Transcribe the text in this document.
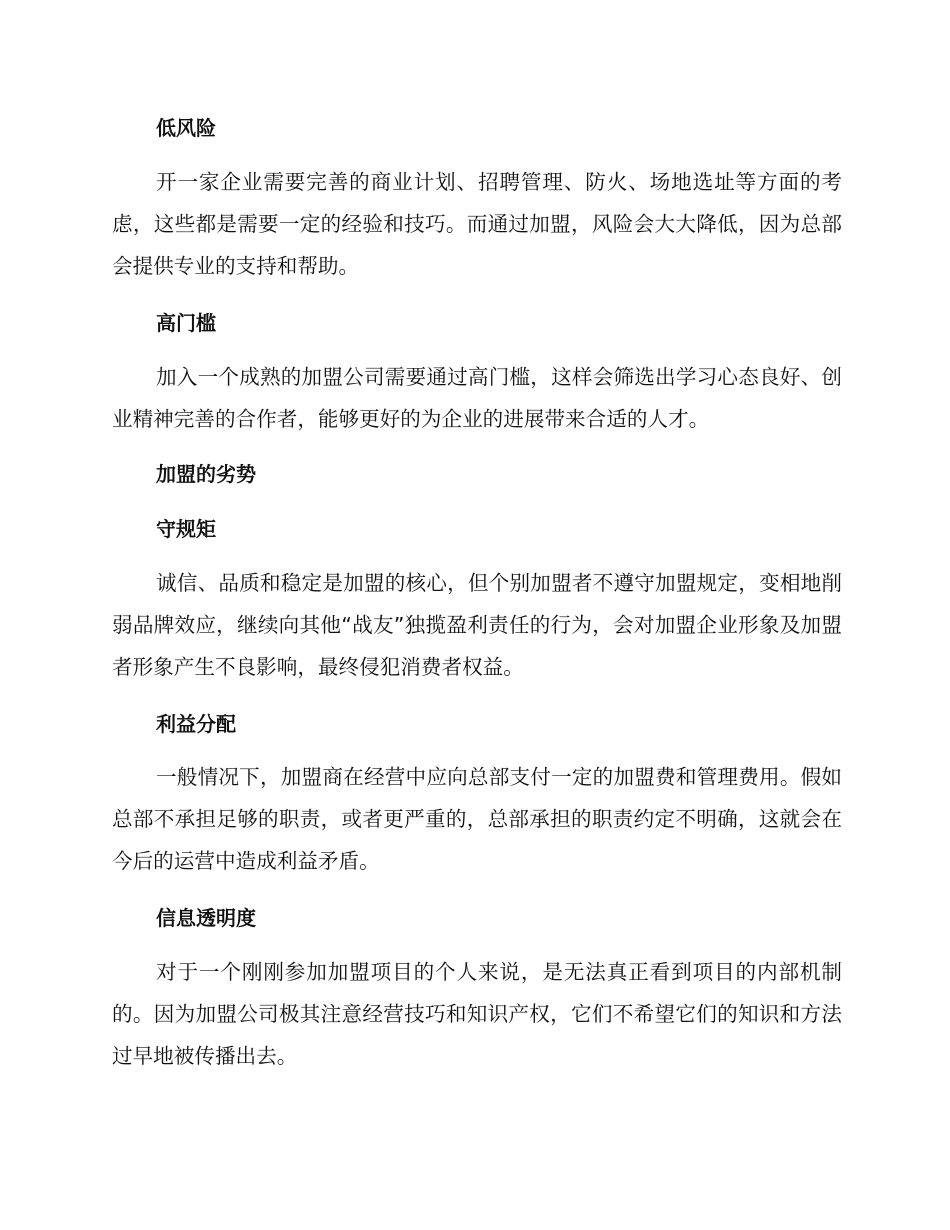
低风险
开一家企业需要完善的商业计划、招聘管理、防火、场地选址等方面的考虑，这些都是需要一定的经验和技巧。而通过加盟，风险会大大降低，因为总部会提供专业的支持和帮助。
高门槛
加入一个成熟的加盟公司需要通过高门槛，这样会筛选出学习心态良好、创业精神完善的合作者，能够更好的为企业的进展带来合适的人才。
加盟的劣势
守规矩
诚信、品质和稳定是加盟的核心，但个别加盟者不遵守加盟规定，变相地削弱品牌效应，继续向其他“战友”独揽盈利责任的行为，会对加盟企业形象及加盟者形象产生不良影响，最终侵犯消费者权益。
利益分配
一般情况下，加盟商在经营中应向总部支付一定的加盟费和管理费用。假如总部不承担足够的职责，或者更严重的，总部承担的职责约定不明确，这就会在今后的运营中造成利益矛盾。
信息透明度
对于一个刚刚参加加盟项目的个人来说，是无法真正看到项目的内部机制的。因为加盟公司极其注意经营技巧和知识产权，它们不希望它们的知识和方法过早地被传播出去。
